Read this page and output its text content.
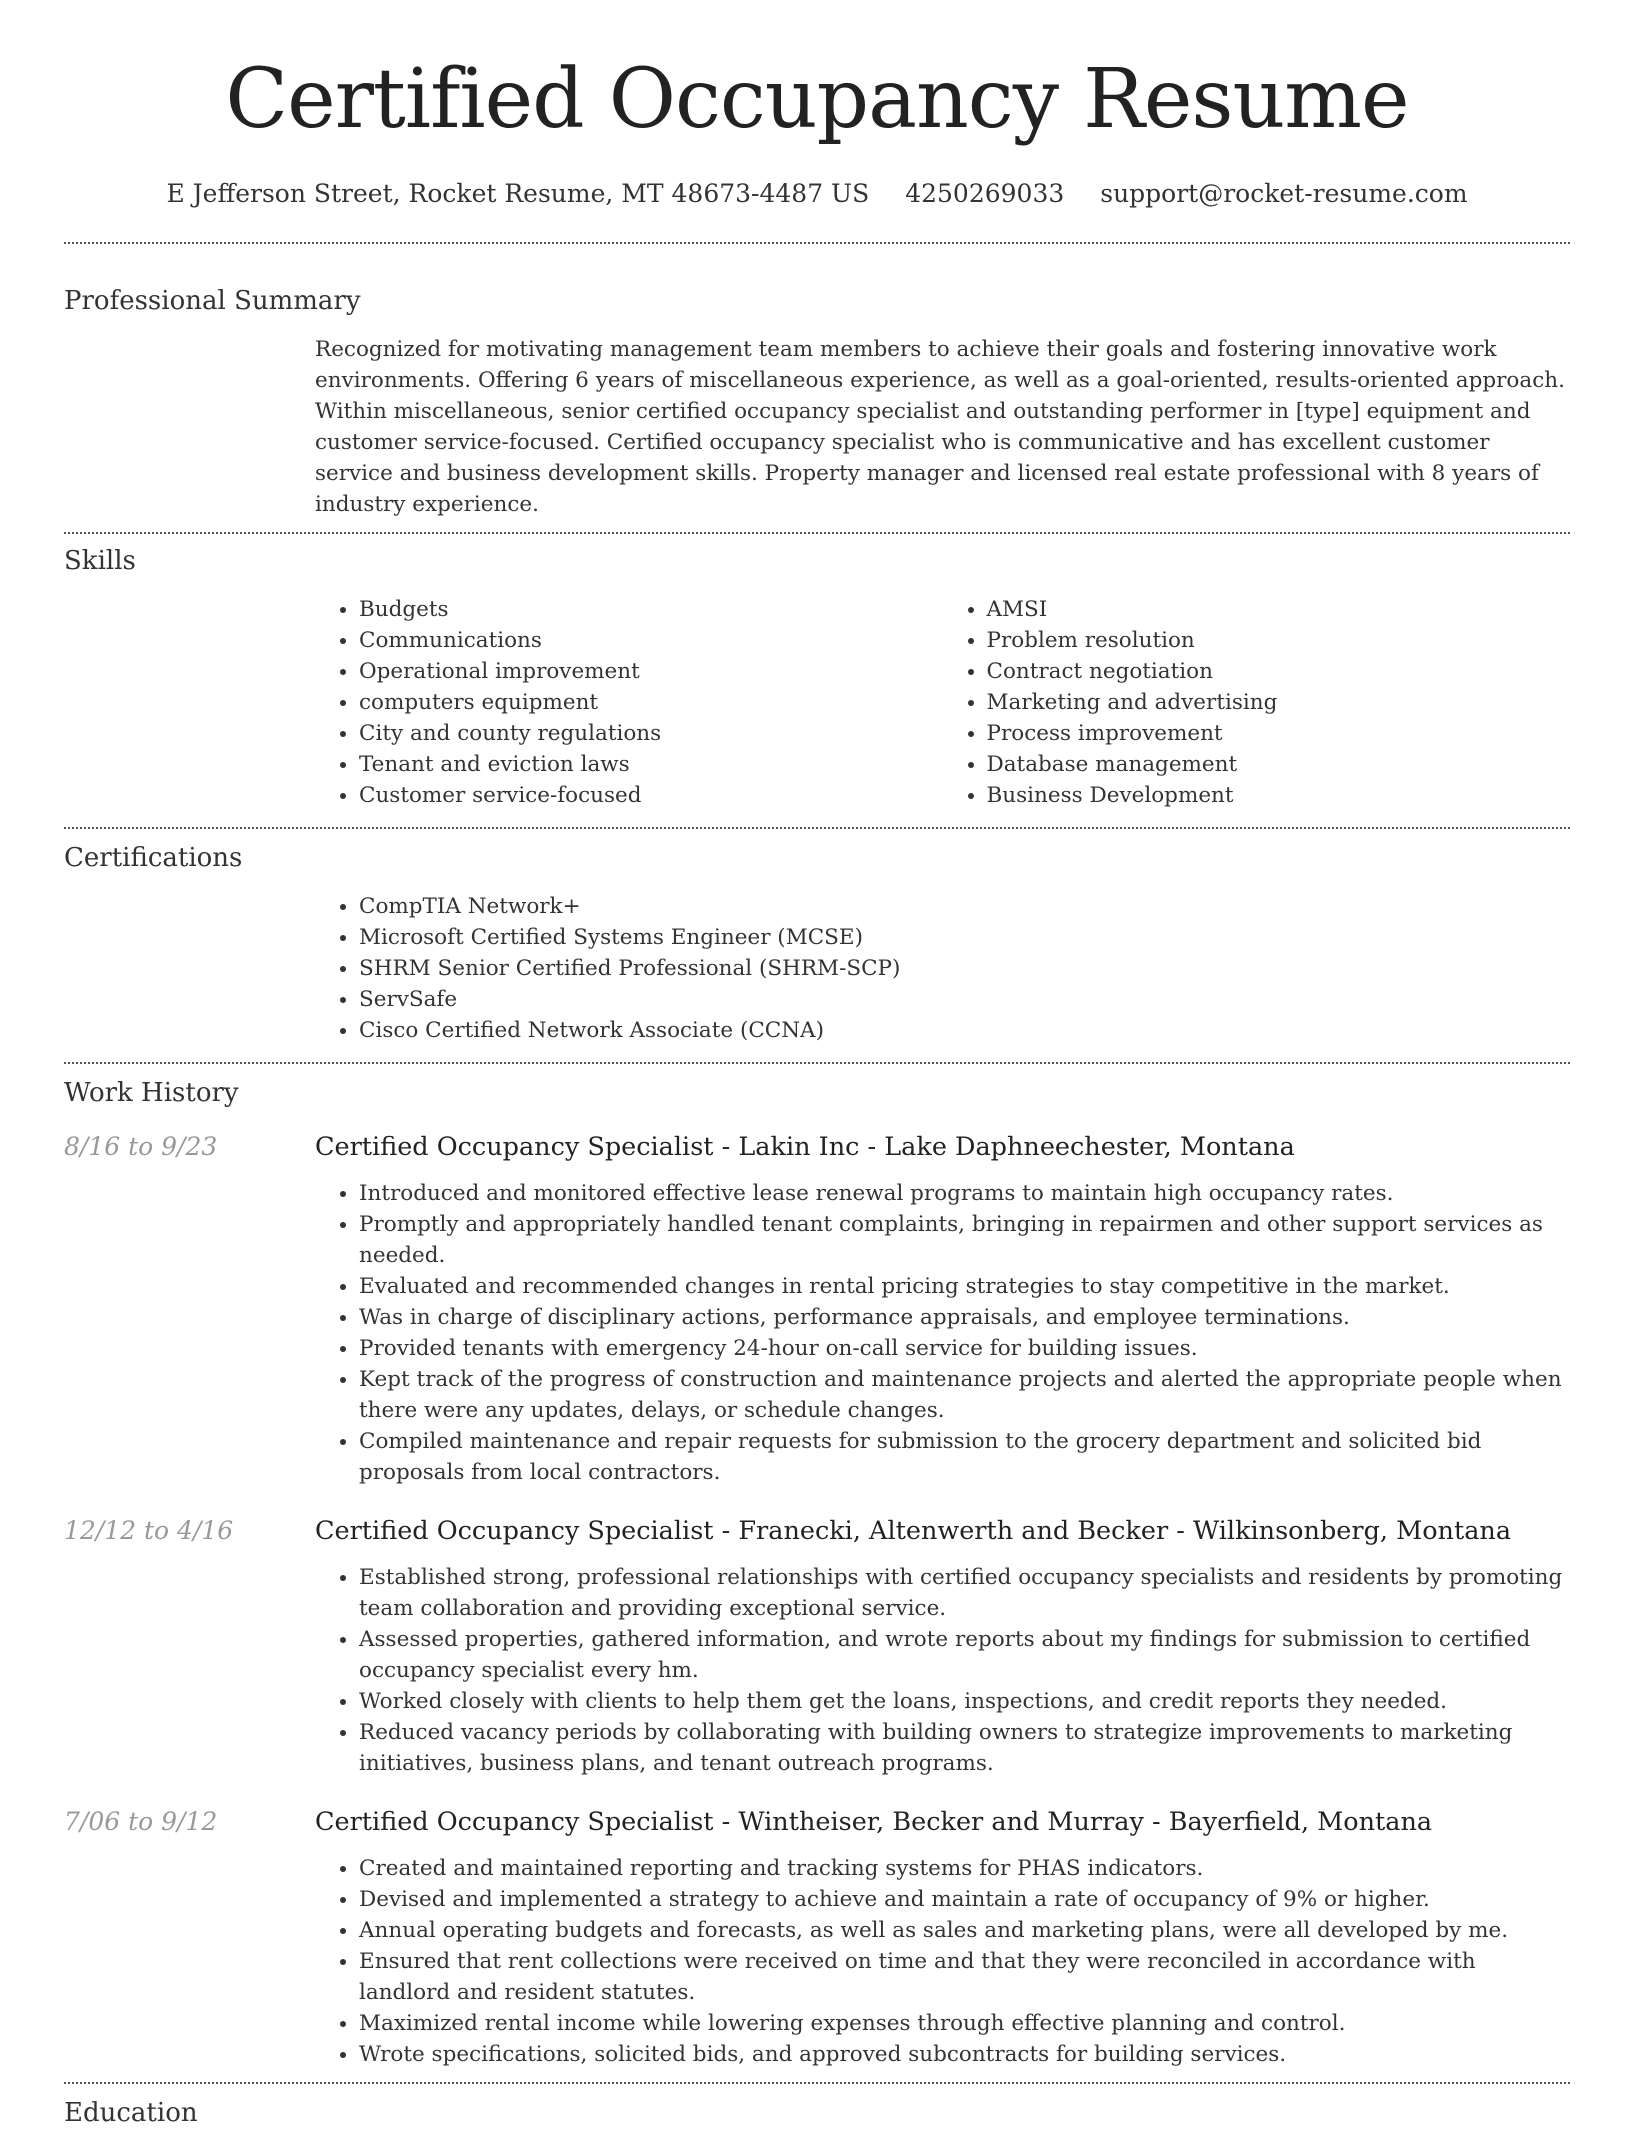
Certified Occupancy Resume
E Jefferson Street, Rocket Resume, MT 48673-4487 US 4250269033 support@rocket-resume.com
Professional Summary
Recognized for motivating management team members to achieve their goals and fostering innovative work environments. Offering 6 years of miscellaneous experience, as well as a goal-oriented, results-oriented approach. Within miscellaneous, senior certified occupancy specialist and outstanding performer in [type] equipment and customer service-focused. Certified occupancy specialist who is communicative and has excellent customer service and business development skills. Property manager and licensed real estate professional with 8 years of industry experience.
Skills
• Budgets
• Communications
• Operational improvement
• computers equipment
• City and county regulations
• Tenant and eviction laws
• Customer service-focused
• AMSI
• Problem resolution
• Contract negotiation
• Marketing and advertising
• Process improvement
• Database management
• Business Development
Certifications
• CompTIA Network+
• Microsoft Certified Systems Engineer (MCSE)
• SHRM Senior Certified Professional (SHRM-SCP)
• ServSafe
• Cisco Certified Network Associate (CCNA)
Work History
8/16 to 9/23	Certified Occupancy Specialist - Lakin Inc - Lake Daphneechester, Montana
• Introduced and monitored effective lease renewal programs to maintain high occupancy rates.
• Promptly and appropriately handled tenant complaints, bringing in repairmen and other support services as needed.
• Evaluated and recommended changes in rental pricing strategies to stay competitive in the market.
• Was in charge of disciplinary actions, performance appraisals, and employee terminations.
• Provided tenants with emergency 24-hour on-call service for building issues.
• Kept track of the progress of construction and maintenance projects and alerted the appropriate people when there were any updates, delays, or schedule changes.
• Compiled maintenance and repair requests for submission to the grocery department and solicited bid proposals from local contractors.
12/12 to 4/16	Certified Occupancy Specialist - Franecki, Altenwerth and Becker - Wilkinsonberg, Montana
• Established strong, professional relationships with certified occupancy specialists and residents by promoting team collaboration and providing exceptional service.
• Assessed properties, gathered information, and wrote reports about my findings for submission to certified occupancy specialist every hm.
• Worked closely with clients to help them get the loans, inspections, and credit reports they needed.
• Reduced vacancy periods by collaborating with building owners to strategize improvements to marketing initiatives, business plans, and tenant outreach programs.
7/06 to 9/12	Certified Occupancy Specialist - Wintheiser, Becker and Murray - Bayerfield, Montana
• Created and maintained reporting and tracking systems for PHAS indicators.
• Devised and implemented a strategy to achieve and maintain a rate of occupancy of 9% or higher.
• Annual operating budgets and forecasts, as well as sales and marketing plans, were all developed by me.
• Ensured that rent collections were received on time and that they were reconciled in accordance with landlord and resident statutes.
• Maximized rental income while lowering expenses through effective planning and control.
• Wrote specifications, solicited bids, and approved subcontracts for building services.
Education
